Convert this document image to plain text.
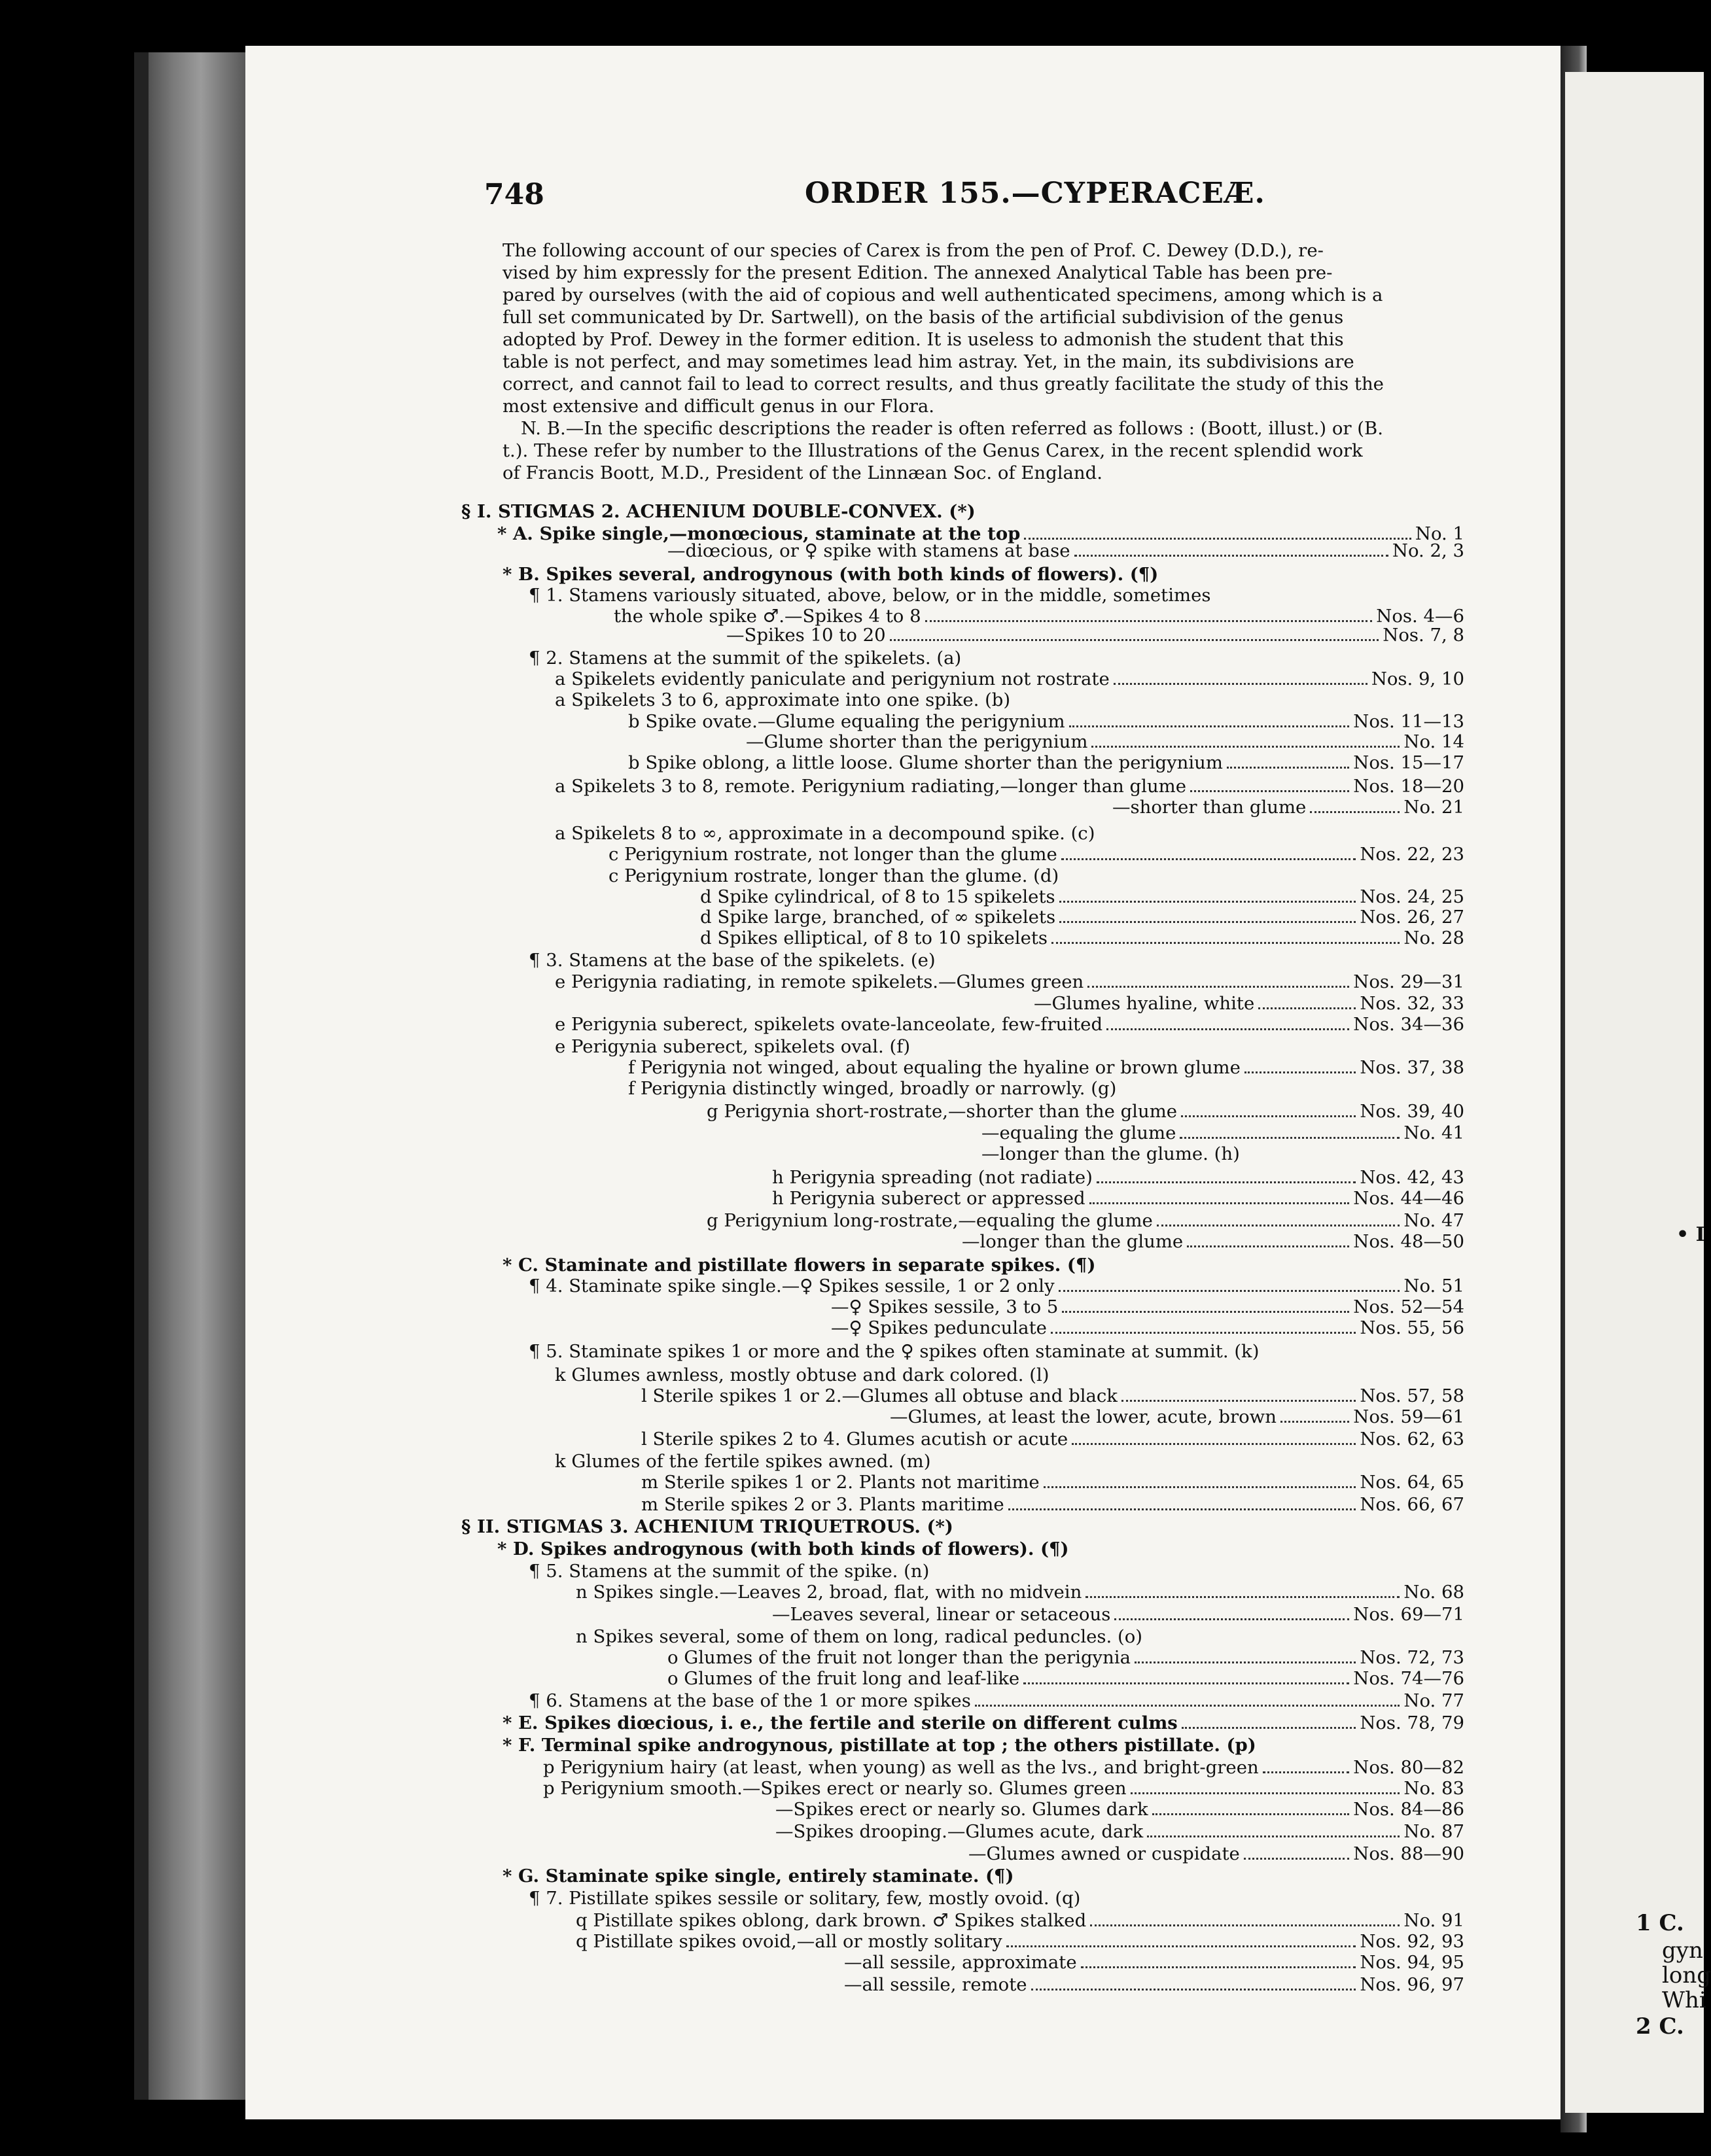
• I
1 C.
gyn
long
Whi
2 C.
748	ORDER 155.—CYPERACEÆ.
The following account of our species of Carex is from the pen of Prof. C. Dewey (D.D.), re-
vised by him expressly for the present Edition. The annexed Analytical Table has been pre-
pared by ourselves (with the aid of copious and well authenticated specimens, among which is a
full set communicated by Dr. Sartwell), on the basis of the artificial subdivision of the genus
adopted by Prof. Dewey in the former edition. It is useless to admonish the student that this
table is not perfect, and may sometimes lead him astray. Yet, in the main, its subdivisions are
correct, and cannot fail to lead to correct results, and thus greatly facilitate the study of this the
most extensive and difficult genus in our Flora.
N. B.—In the specific descriptions the reader is often referred as follows : (Boott, illust.) or (B.
t.). These refer by number to the Illustrations of the Genus Carex, in the recent splendid work
of Francis Boott, M.D., President of the Linnæan Soc. of England.
§ I. STIGMAS 2. ACHENIUM DOUBLE-CONVEX. (*)
* A. Spike single,—monœcious, staminate at the top
—diœcious, or ♀ spike with stamens at base
* B. Spikes several, androgynous (with both kinds of flowers). (¶)
¶ 1. Stamens variously situated, above, below, or in the middle, sometimes
the whole spike ♂.—Spikes 4 to 8
—Spikes 10 to 20
¶ 2. Stamens at the summit of the spikelets. (a)
a Spikelets evidently paniculate and perigynium not rostrate
a Spikelets 3 to 6, approximate into one spike. (b)
b Spike ovate.—Glume equaling the perigynium
—Glume shorter than the perigynium
b Spike oblong, a little loose. Glume shorter than the perigynium
a Spikelets 3 to 8, remote. Perigynium radiating,—longer than glume
—shorter than glume
a Spikelets 8 to ∞, approximate in a decompound spike. (c)
c Perigynium rostrate, not longer than the glume
c Perigynium rostrate, longer than the glume. (d)
d Spike cylindrical, of 8 to 15 spikelets
d Spike large, branched, of ∞ spikelets
d Spikes elliptical, of 8 to 10 spikelets
¶ 3. Stamens at the base of the spikelets. (e)
e Perigynia radiating, in remote spikelets.—Glumes green
—Glumes hyaline, white
e Perigynia suberect, spikelets ovate-lanceolate, few-fruited
e Perigynia suberect, spikelets oval. (f)
f Perigynia not winged, about equaling the hyaline or brown glume
f Perigynia distinctly winged, broadly or narrowly. (g)
g Perigynia short-rostrate,—shorter than the glume
—equaling the glume
—longer than the glume. (h)
h Perigynia spreading (not radiate)
h Perigynia suberect or appressed
g Perigynium long-rostrate,—equaling the glume
—longer than the glume
* C. Staminate and pistillate flowers in separate spikes. (¶)
¶ 4. Staminate spike single.—♀ Spikes sessile, 1 or 2 only
—♀ Spikes sessile, 3 to 5
—♀ Spikes pedunculate
¶ 5. Staminate spikes 1 or more and the ♀ spikes often staminate at summit. (k)
k Glumes awnless, mostly obtuse and dark colored. (l)
l Sterile spikes 1 or 2.—Glumes all obtuse and black
—Glumes, at least the lower, acute, brown
l Sterile spikes 2 to 4. Glumes acutish or acute
k Glumes of the fertile spikes awned. (m)
m Sterile spikes 1 or 2. Plants not maritime
m Sterile spikes 2 or 3. Plants maritime
§ II. STIGMAS 3. ACHENIUM TRIQUETROUS. (*)
* D. Spikes androgynous (with both kinds of flowers). (¶)
¶ 5. Stamens at the summit of the spike. (n)
n Spikes single.—Leaves 2, broad, flat, with no midvein
—Leaves several, linear or setaceous
n Spikes several, some of them on long, radical peduncles. (o)
o Glumes of the fruit not longer than the perigynia
o Glumes of the fruit long and leaf-like
¶ 6. Stamens at the base of the 1 or more spikes
* E. Spikes diœcious, i. e., the fertile and sterile on different culms
* F. Terminal spike androgynous, pistillate at top ; the others pistillate. (p)
p Perigynium hairy (at least, when young) as well as the lvs., and bright-green
p Perigynium smooth.—Spikes erect or nearly so. Glumes green
—Spikes erect or nearly so. Glumes dark
—Spikes drooping.—Glumes acute, dark
—Glumes awned or cuspidate
* G. Staminate spike single, entirely staminate. (¶)
¶ 7. Pistillate spikes sessile or solitary, few, mostly ovoid. (q)
q Pistillate spikes oblong, dark brown. ♂ Spikes stalked
q Pistillate spikes ovoid,—all or mostly solitary
—all sessile, approximate
—all sessile, remote
No. 1
No. 2, 3
Nos. 4—6
Nos. 7, 8
Nos. 9, 10
Nos. 11—13
No. 14
Nos. 15—17
Nos. 18—20
No. 21
Nos. 22, 23
Nos. 24, 25
Nos. 26, 27
No. 28
Nos. 29—31
Nos. 32, 33
Nos. 34—36
Nos. 37, 38
Nos. 39, 40
No. 41
Nos. 42, 43
Nos. 44—46
No. 47
Nos. 48—50
No. 51
Nos. 52—54
Nos. 55, 56
Nos. 57, 58
Nos. 59—61
Nos. 62, 63
Nos. 64, 65
Nos. 66, 67
No. 68
Nos. 69—71
Nos. 72, 73
Nos. 74—76
No. 77
Nos. 78, 79
Nos. 80—82
No. 83
Nos. 84—86
No. 87
Nos. 88—90
No. 91
Nos. 92, 93
Nos. 94, 95
Nos. 96, 97
